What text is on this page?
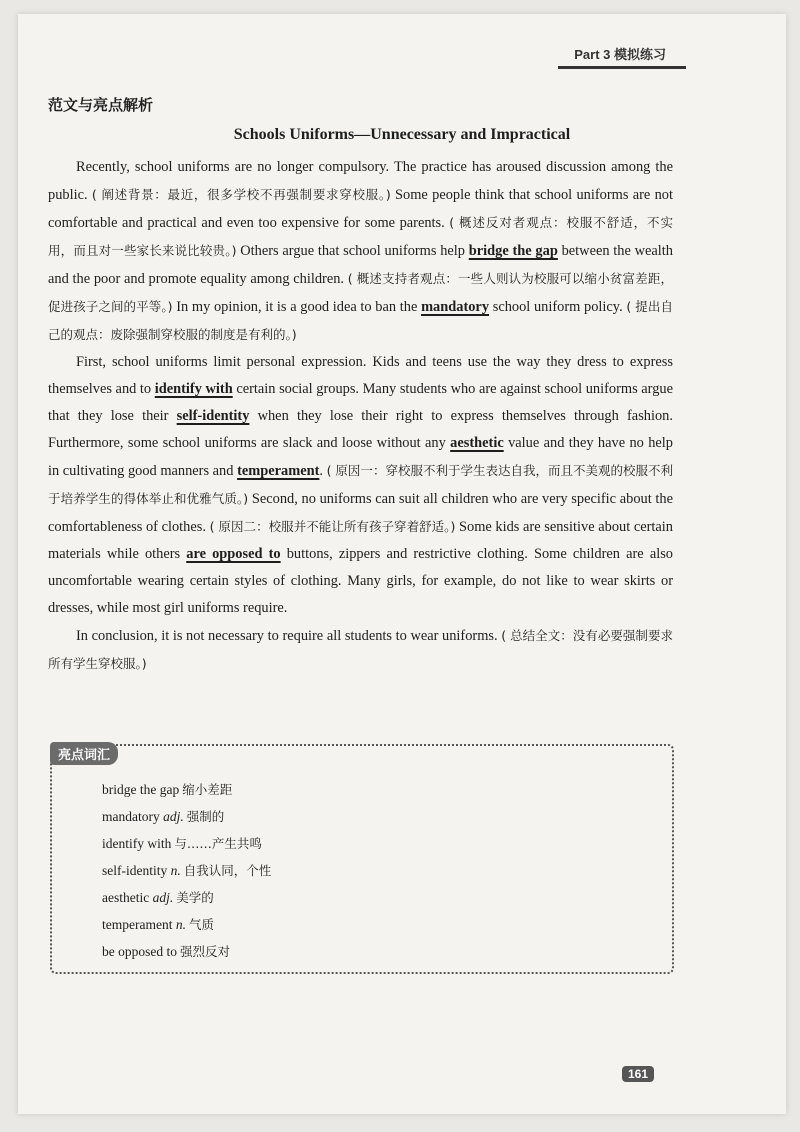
Part 3 模拟练习
范文与亮点解析
Schools Uniforms—Unnecessary and Impractical

Recently, school uniforms are no longer compulsory. The practice has aroused discussion among the public. ( 阐述背景：最近，很多学校不再强制要求穿校服。) Some people think that school uniforms are not comfortable and practical and even too expensive for some parents. ( 概述反对者观点：校服不舒适，不实用，而且对一些家长来说比较贵。) Others argue that school uniforms help bridge the gap between the wealth and the poor and promote equality among children. ( 概述支持者观点：一些人则认为校服可以缩小贫富差距，促进孩子之间的平等。) In my opinion, it is a good idea to ban the mandatory school uniform policy. ( 提出自己的观点：废除强制穿校服的制度是有利的。)

First, school uniforms limit personal expression. Kids and teens use the way they dress to express themselves and to identify with certain social groups. Many students who are against school uniforms argue that they lose their self-identity when they lose their right to express themselves through fashion. Furthermore, some school uniforms are slack and loose without any aesthetic value and they have no help in cultivating good manners and temperament. ( 原因一：穿校服不利于学生表达自我，而且不美观的校服不利于培养学生的得体举止和优雅气质。) Second, no uniforms can suit all children who are very specific about the comfortableness of clothes. ( 原因二：校服并不能让所有孩子穿着舒适。) Some kids are sensitive about certain materials while others are opposed to buttons, zippers and restrictive clothing. Some children are also uncomfortable wearing certain styles of clothing. Many girls, for example, do not like to wear skirts or dresses, while most girl uniforms require.

In conclusion, it is not necessary to require all students to wear uniforms. ( 总结全文：没有必要强制要求所有学生穿校服。)

亮点词汇
bridge the gap 缩小差距
mandatory adj. 强制的
identify with 与……产生共鸣
self-identity n. 自我认同，个性
aesthetic adj. 美学的
temperament n. 气质
be opposed to 强烈反对
161
